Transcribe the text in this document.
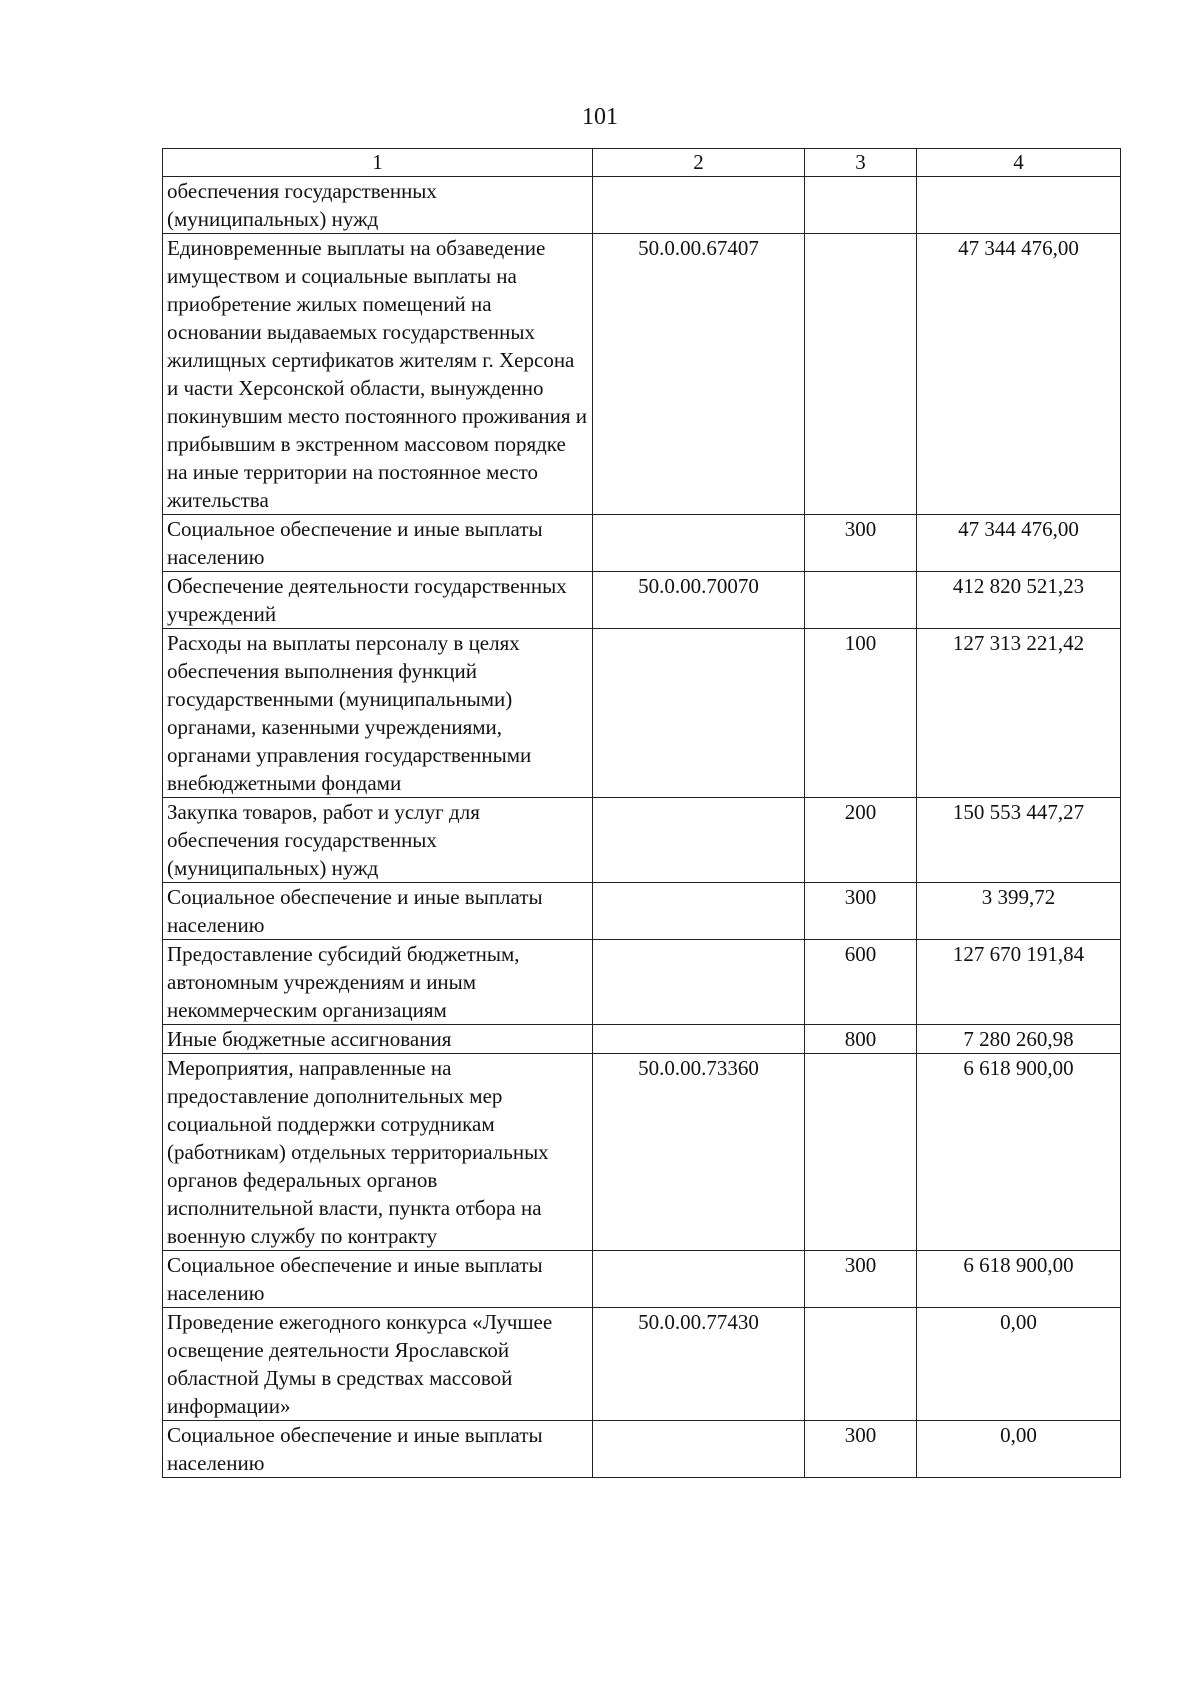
101
1	2	3	4
обеспечения государственных (муниципальных) нужд			
Единовременные выплаты на обзаведение имуществом и социальные выплаты на приобретение жилых помещений на основании выдаваемых государственных жилищных сертификатов жителям г. Херсона и части Херсонской области, вынужденно покинувшим место постоянного проживания и прибывшим в экстренном массовом порядке на иные территории на постоянное место жительства	50.0.00.67407		47 344 476,00
Социальное обеспечение и иные выплаты населению		300	47 344 476,00
Обеспечение деятельности государственных учреждений	50.0.00.70070		412 820 521,23
Расходы на выплаты персоналу в целях обеспечения выполнения функций государственными (муниципальными) органами, казенными учреждениями, органами управления государственными внебюджетными фондами		100	127 313 221,42
Закупка товаров, работ и услуг для обеспечения государственных (муниципальных) нужд		200	150 553 447,27
Социальное обеспечение и иные выплаты населению		300	3 399,72
Предоставление субсидий бюджетным, автономным учреждениям и иным некоммерческим организациям		600	127 670 191,84
Иные бюджетные ассигнования		800	7 280 260,98
Мероприятия, направленные на предоставление дополнительных мер социальной поддержки сотрудникам (работникам) отдельных территориальных органов федеральных органов исполнительной власти, пункта отбора на военную службу по контракту	50.0.00.73360		6 618 900,00
Социальное обеспечение и иные выплаты населению		300	6 618 900,00
Проведение ежегодного конкурса «Лучшее освещение деятельности Ярославской областной Думы в средствах массовой информации»	50.0.00.77430		0,00
Социальное обеспечение и иные выплаты населению		300	0,00
